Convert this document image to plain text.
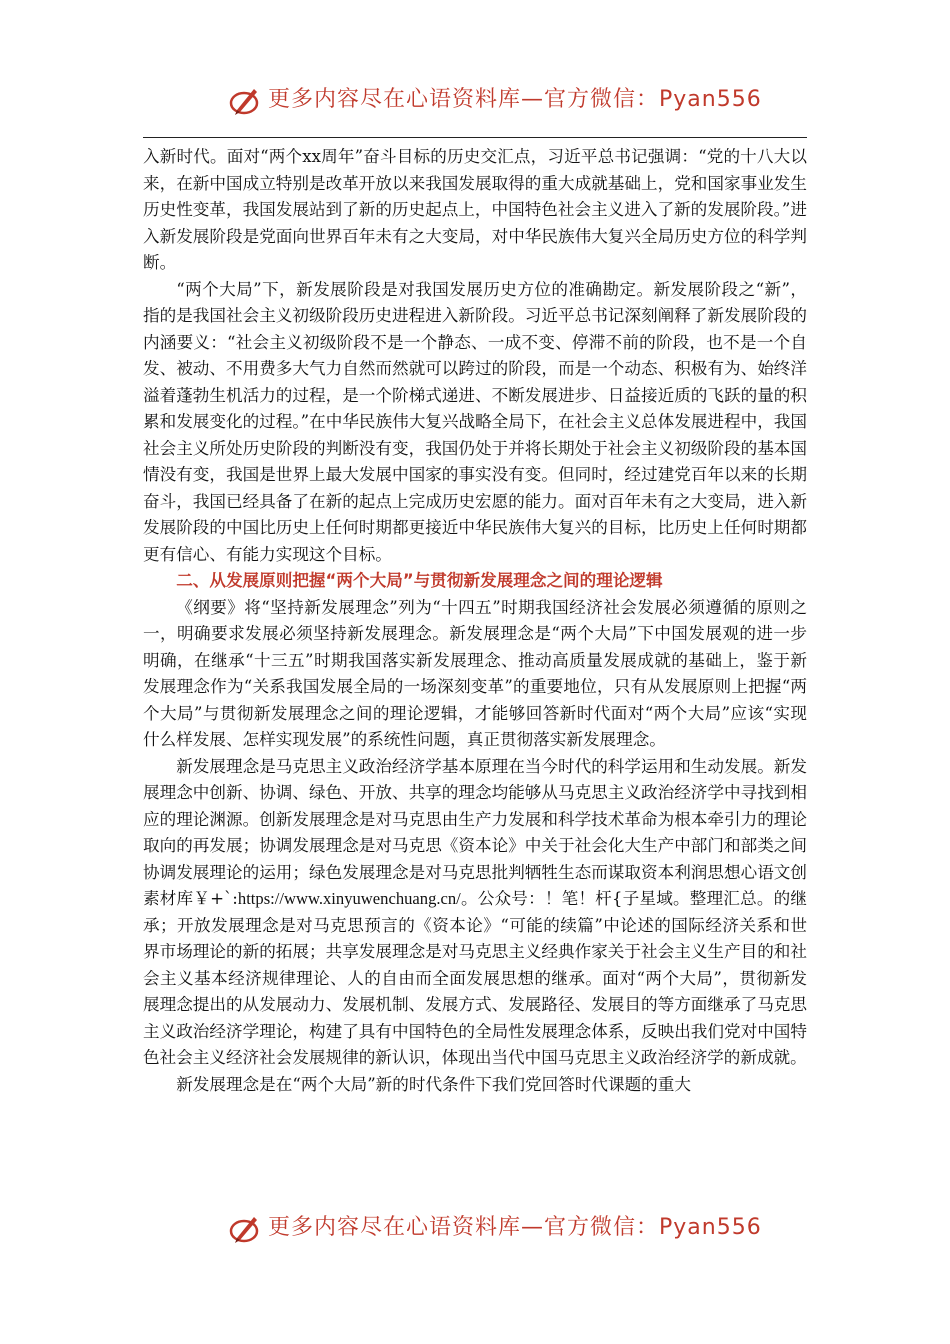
更多内容尽在心语资料库—官方微信：Pyan556

入新时代。面对“两个xx周年”奋斗目标的历史交汇点，习近平总书记强调：“党的十八大以来，在新中国成立特别是改革开放以来我国发展取得的重大成就基础上，党和国家事业发生历史性变革，我国发展站到了新的历史起点上，中国特色社会主义进入了新的发展阶段。”进入新发展阶段是党面向世界百年未有之大变局，对中华民族伟大复兴全局历史方位的科学判断。

“两个大局”下，新发展阶段是对我国发展历史方位的准确勘定。新发展阶段之“新”，指的是我国社会主义初级阶段历史进程进入新阶段。习近平总书记深刻阐释了新发展阶段的内涵要义：“社会主义初级阶段不是一个静态、一成不变、停滞不前的阶段，也不是一个自发、被动、不用费多大气力自然而然就可以跨过的阶段，而是一个动态、积极有为、始终洋溢着蓬勃生机活力的过程，是一个阶梯式递进、不断发展进步、日益接近质的飞跃的量的积累和发展变化的过程。”在中华民族伟大复兴战略全局下，在社会主义总体发展进程中，我国社会主义所处历史阶段的判断没有变，我国仍处于并将长期处于社会主义初级阶段的基本国情没有变，我国是世界上最大发展中国家的事实没有变。但同时，经过建党百年以来的长期奋斗，我国已经具备了在新的起点上完成历史宏愿的能力。面对百年未有之大变局，进入新发展阶段的中国比历史上任何时期都更接近中华民族伟大复兴的目标，比历史上任何时期都更有信心、有能力实现这个目标。

二、从发展原则把握“两个大局”与贯彻新发展理念之间的理论逻辑

《纲要》将“坚持新发展理念”列为“十四五”时期我国经济社会发展必须遵循的原则之一，明确要求发展必须坚持新发展理念。新发展理念是“两个大局”下中国发展观的进一步明确，在继承“十三五”时期我国落实新发展理念、推动高质量发展成就的基础上，鉴于新发展理念作为“关系我国发展全局的一场深刻变革”的重要地位，只有从发展原则上把握“两个大局”与贯彻新发展理念之间的理论逻辑，才能够回答新时代面对“两个大局”应该“实现什么样发展、怎样实现发展”的系统性问题，真正贯彻落实新发展理念。

新发展理念是马克思主义政治经济学基本原理在当今时代的科学运用和生动发展。新发展理念中创新、协调、绿色、开放、共享的理念均能够从马克思主义政治经济学中寻找到相应的理论渊源。创新发展理念是对马克思由生产力发展和科学技术革命为根本牵引力的理论取向的再发展；协调发展理念是对马克思《资本论》中关于社会化大生产中部门和部类之间协调发展理论的运用；绿色发展理念是对马克思批判牺牲生态而谋取资本利润思想心语文创素材库￥+`:https://www.xinyuwenchuang.cn/。公众号：！笔！杆{子星域。整理汇总。的继承；开放发展理念是对马克思预言的《资本论》“可能的续篇”中论述的国际经济关系和世界市场理论的新的拓展；共享发展理念是对马克思主义经典作家关于社会主义生产目的和社会主义基本经济规律理论、人的自由而全面发展思想的继承。面对“两个大局”，贯彻新发展理念提出的从发展动力、发展机制、发展方式、发展路径、发展目的等方面继承了马克思主义政治经济学理论，构建了具有中国特色的全局性发展理念体系，反映出我们党对中国特色社会主义经济社会发展规律的新认识，体现出当代中国马克思主义政治经济学的新成就。

新发展理念是在“两个大局”新的时代条件下我们党回答时代课题的重大

更多内容尽在心语资料库—官方微信：Pyan556
